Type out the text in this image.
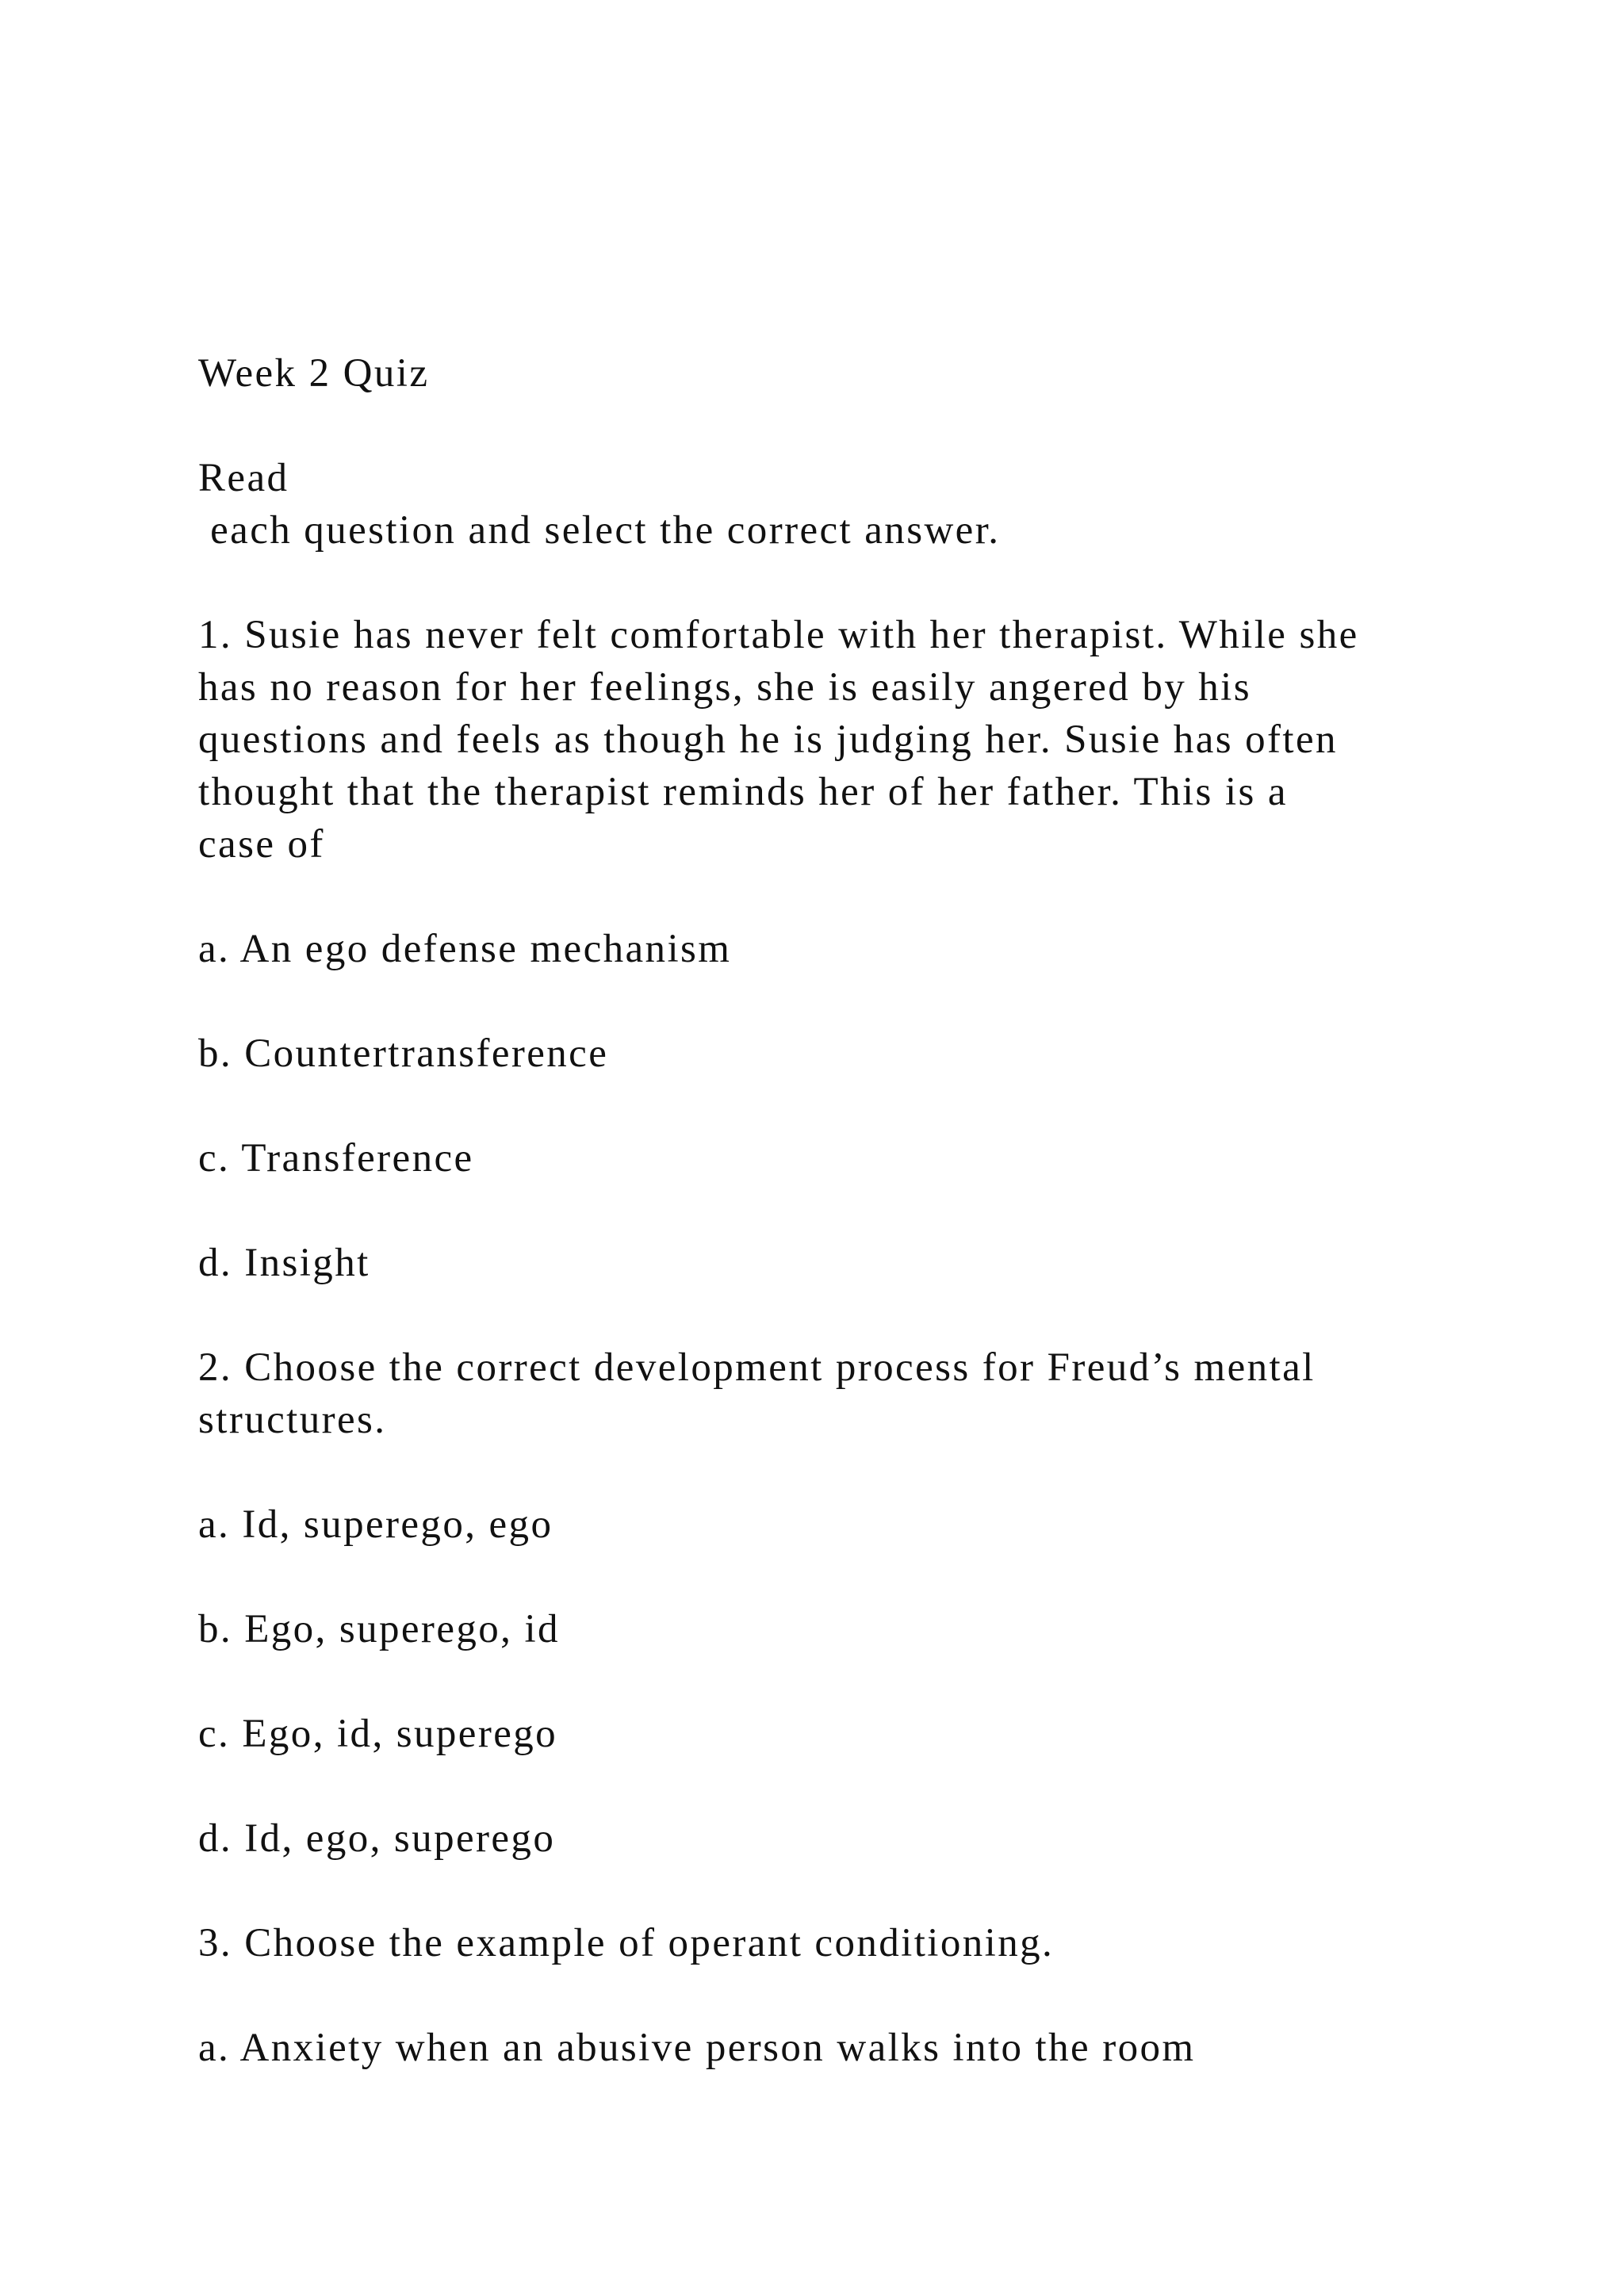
Week 2 Quiz
Read
each question and select the correct answer.
1. Susie has never felt comfortable with her therapist. While she
has no reason for her feelings, she is easily angered by his
questions and feels as though he is judging her. Susie has often
thought that the therapist reminds her of her father. This is a
case of
a. An ego defense mechanism
b. Countertransference
c. Transference
d. Insight
2. Choose the correct development process for Freud’s mental
structures.
a. Id, superego, ego
b. Ego, superego, id
c. Ego, id, superego
d. Id, ego, superego
3. Choose the example of operant conditioning.
a. Anxiety when an abusive person walks into the room
